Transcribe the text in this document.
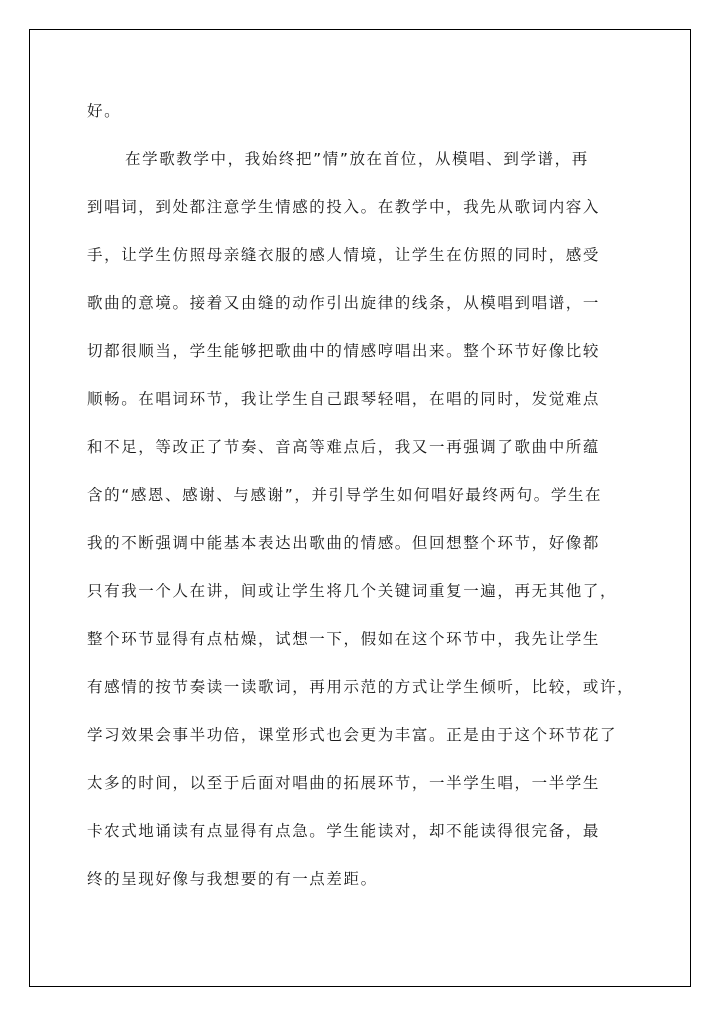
好。
在学歌教学中，我始终把”情”放在首位，从模唱、到学谱，再
到唱词，到处都注意学生情感的投入。在教学中，我先从歌词内容入
手，让学生仿照母亲缝衣服的感人情境，让学生在仿照的同时，感受
歌曲的意境。接着又由缝的动作引出旋律的线条，从模唱到唱谱，一
切都很顺当，学生能够把歌曲中的情感哼唱出来。整个环节好像比较
顺畅。在唱词环节，我让学生自己跟琴轻唱，在唱的同时，发觉难点
和不足，等改正了节奏、音高等难点后，我又一再强调了歌曲中所蕴
含的“感恩、感谢、与感谢”，并引导学生如何唱好最终两句。学生在
我的不断强调中能基本表达出歌曲的情感。但回想整个环节，好像都
只有我一个人在讲，间或让学生将几个关键词重复一遍，再无其他了，
整个环节显得有点枯燥，试想一下，假如在这个环节中，我先让学生
有感情的按节奏读一读歌词，再用示范的方式让学生倾听，比较，或许，
学习效果会事半功倍，课堂形式也会更为丰富。正是由于这个环节花了
太多的时间，以至于后面对唱曲的拓展环节，一半学生唱，一半学生
卡农式地诵读有点显得有点急。学生能读对，却不能读得很完备，最
终的呈现好像与我想要的有一点差距。
